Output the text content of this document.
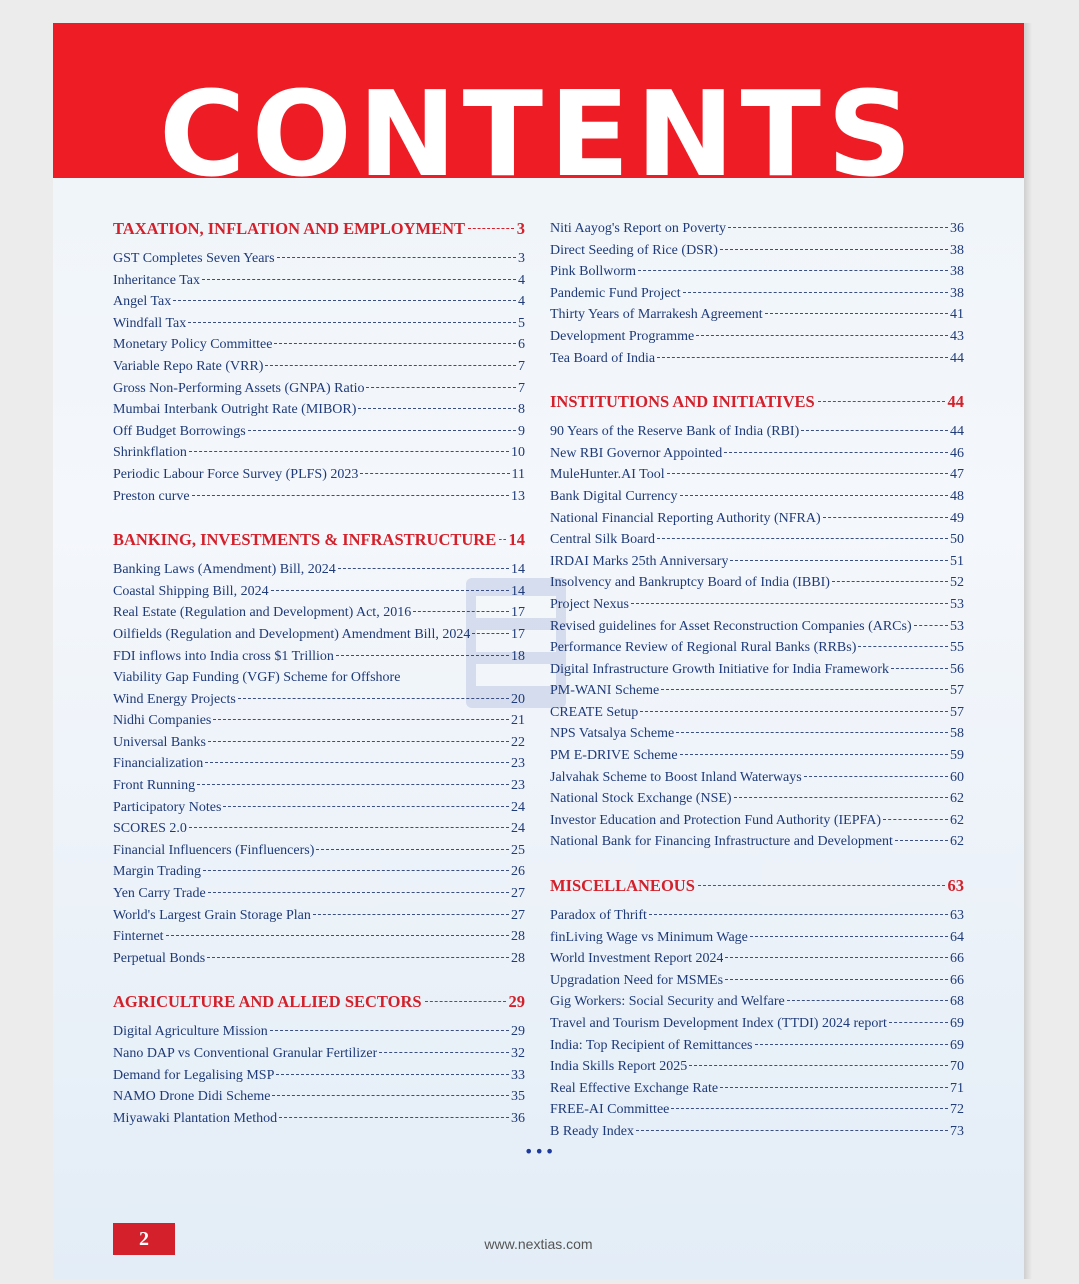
CONTENTS
TAXATION, INFLATION AND EMPLOYMENT	3
GST Completes Seven Years	3
Inheritance Tax	4
Angel Tax	4
Windfall Tax	5
Monetary Policy Committee	6
Variable Repo Rate (VRR)	7
Gross Non-Performing Assets (GNPA) Ratio	7
Mumbai Interbank Outright Rate (MIBOR)	8
Off Budget Borrowings	9
Shrinkflation	10
Periodic Labour Force Survey (PLFS) 2023	11
Preston curve	13
BANKING, INVESTMENTS & INFRASTRUCTURE 14
Banking Laws (Amendment) Bill, 2024	14
Coastal Shipping Bill, 2024	14
Real Estate (Regulation and Development) Act, 2016	17
Oilfields (Regulation and Development) Amendment Bill, 2024	17
FDI inflows into India cross $1 Trillion	18
Viability Gap Funding (VGF) Scheme for Offshore
Wind Energy Projects	20
Nidhi Companies	21
Universal Banks	22
Financialization	23
Front Running	23
Participatory Notes	24
SCORES 2.0	24
Financial Influencers (Finfluencers)	25
Margin Trading	26
Yen Carry Trade	27
World's Largest Grain Storage Plan	27
Finternet	28
Perpetual Bonds	28
AGRICULTURE AND ALLIED SECTORS	29
Digital Agriculture Mission	29
Nano DAP vs Conventional Granular Fertilizer	32
Demand for Legalising MSP	33
NAMO Drone Didi Scheme	35
Miyawaki Plantation Method	36
Niti Aayog's Report on Poverty	36
Direct Seeding of Rice (DSR)	38
Pink Bollworm	38
Pandemic Fund Project	38
Thirty Years of Marrakesh Agreement	41
Development Programme	43
Tea Board of India	44
INSTITUTIONS AND INITIATIVES	44
90 Years of the Reserve Bank of India (RBI)	44
New RBI Governor Appointed	46
MuleHunter.AI Tool	47
Bank Digital Currency	48
National Financial Reporting Authority (NFRA)	49
Central Silk Board	50
IRDAI Marks 25th Anniversary	51
Insolvency and Bankruptcy Board of India (IBBI)	52
Project Nexus	53
Revised guidelines for Asset Reconstruction Companies (ARCs)	53
Performance Review of Regional Rural Banks (RRBs)	55
Digital Infrastructure Growth Initiative for India Framework	56
PM-WANI Scheme	57
CREATE Setup	57
NPS Vatsalya Scheme	58
PM E-DRIVE Scheme	59
Jalvahak Scheme to Boost Inland Waterways	60
National Stock Exchange (NSE)	62
Investor Education and Protection Fund Authority (IEPFA)	62
National Bank for Financing Infrastructure and Development	62
MISCELLANEOUS	63
Paradox of Thrift	63
finLiving Wage vs Minimum Wage	64
World Investment Report 2024	66
Upgradation Need for MSMEs	66
Gig Workers: Social Security and Welfare	68
Travel and Tourism Development Index (TTDI) 2024 report	69
India: Top Recipient of Remittances	69
India Skills Report 2025	70
Real Effective Exchange Rate	71
FREE-AI Committee	72
B Ready Index	73
•••
2	www.nextias.com
